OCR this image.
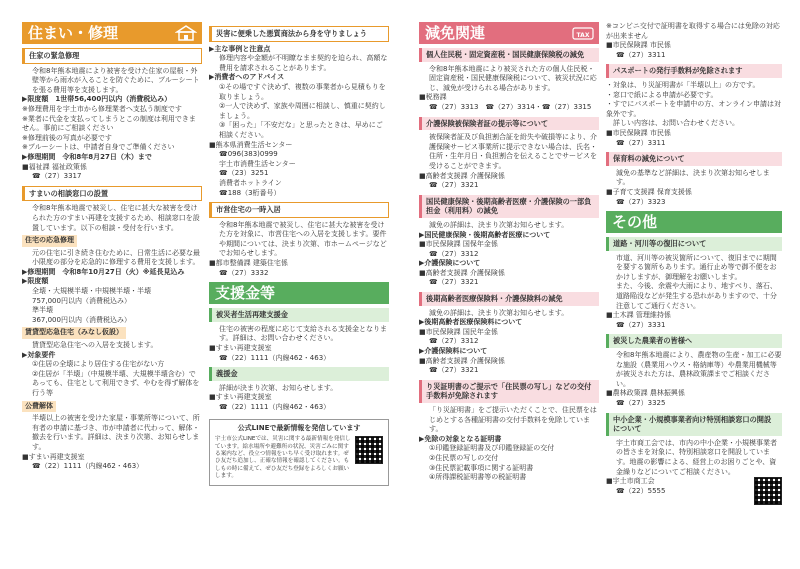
住まい・修理
住家の緊急修理

令和8年熊本地震により被害を受けた住家の屋根・外壁等から雨水が入ることを防ぐために、ブルーシートを張る費用等を支援します。

▶限度額　1世帯56,400円以内（消費税込み）

※修理費用を宇土市から修理業者へ支払う制度です

※業者に代金を支払ってしまうとこの制度は利用できません。事前にご相談ください

※修理前後の写真が必要です

※ブルーシートは、中請者自身でご準備ください

▶修理期間　令和8年8月27日（木）まで

■福祉課 福祉政策係

☎（27）3317

すまいの相談窓口の設置

令和8年熊本地震で被災し、住宅に甚大な被害を受けられた方のすまい再建を支援するため、相談窓口を設置しています。以下の相談・受付を行います。

住宅の応急修理

元の住宅に引き続き住むために、日常生活に必要な最小限度の部分を応急的に修理する費用を支援します。

▶修理期間　令和8年10月27日（火）※延長見込み

▶限度額

全壊・大規模半壊・中規模半壊・半壊

757,000円以内（消費税込み）

準半壊

367,000円以内（消費税込み）

賃貸型応急住宅（みなし仮設）

賃貸型応急住宅への入居を支援します。

▶対象要件

①住居の全壊により居住する住宅がない方

②住居が「半壊」（中規模半壊、大規模半壊含む）であっても、住宅として利用できず、やむを得ず解体を行う等

公費解体

半壊以上の被害を受けた家屋・事業所等について、所有者の申請に基づき、市が申請者に代わって、解体・撤去を行います。詳細は、決まり次第、お知らせします。

■すまい再建支援室

☎（22）1111（内線462・463）

災害に便乗した悪質商法から身を守りましょう

▶主な事例と注意点

修理内容や金額が不明瞭なまま契約を迫られ、高額な費用を請求されることがあります。

▶消費者へのアドバイス

①その場ですぐ決めず、複数の事業者から見積もりを取りましょう。

②一人で決めず、家族や周囲に相談し、慎重に契約しましょう。

③「困った」「不安だな」と思ったときは、早めにご相談ください。

■熊本県消費生活センター

☎096(383)0999

宇土市消費生活センター

☎（23）3251

消費者ホットライン

☎188（3桁番号）

市営住宅の一時入居

令和8年熊本地震で被災し、住宅に甚大な被害を受けた方を対象に、市営住宅への入居を支援します。要件や期間については、決まり次第、市ホームページなどでお知らせします。

■都市整備課 建築住宅係

☎（27）3332

支援金等
被災者生活再建支援金

住宅の被害の程度に応じて支給される支援金となります。詳細は、お問い合わせください。

■すまい再建支援室

☎（22）1111（内線462・463）

義援金

詳細が決まり次第、お知らせします。

■すまい再建支援室

☎（22）1111（内線462・463）

公式LINEで最新情報を発信しています

宇土市公式LINEでは、災害に関する最新情報を発信しています。給水場所や避難所の状況、災害ごみに関する案内など、役立つ情報をいち早く受け取れます。ぜひ友だち追加し、正確な情報を確認してください。もしもの時に備えて、ぜひ友だち登録をよろしくお願いします。

減免関連	TAX
個人住民税・固定資産税・国民健康保険税の減免

令和8年熊本地震により被災された方の個人住民税・固定資産税・国民健康保険税について、被災状況に応じ、減免が受けられる場合があります。

■税務課

☎（27）3313　☎（27）3314・☎（27）3315

介護保険被保険者証の提示等について

被保険者証及び負担割合証を紛失や破損等により、介護保険サービス事業所に提示できない場合は、氏名・住所・生年月日・負担割合を伝えることでサービスを受けることができます。

■高齢者支援課 介護保険係

☎（27）3321

国民健康保険・後期高齢者医療・介護保険の一部負担金（利用料）の減免

減免の詳細は、決まり次第お知らせします。

▶国民健康保険・後期高齢者医療について

■市民保険課 国保年金係

☎（27）3312

▶介護保険について

■高齢者支援課 介護保険係

☎（27）3321

後期高齢者医療保険料・介護保険料の減免

減免の詳細は、決まり次第お知らせします。

▶後期高齢者医療保険料について

■市民保険課 国民年金係

☎（27）3312

▶介護保険料について

■高齢者支援課 介護保険係

☎（27）3321

り災証明書のご提示で「住民票の写し」などの交付手数料が免除されます

「り災証明書」をご提示いただくことで、住民票をはじめとする各種証明書の交付手数料を免除しています。

▶免除の対象となる証明書

①印鑑登録証明書及び印鑑登録証の交付

②住民票の写しの交付

③住民票記載事項に関する証明書

④所得課税証明書等の税証明書

※コンビニ交付で証明書を取得する場合には免除の対応が出来ません

■市民保険課 市民係

☎（27）3311

パスポートの発行手数料が免除されます

・対象は、り災証明書が「半壊以上」の方です。

・窓口で紙による申請が必要です。

・すでにパスポートを申請中の方、オンライン申請は対象外です。

　詳しい内容は、お問い合わせください。

■市民保険課 市民係

☎（27）3311

保育料の減免について

減免の基準など詳細は、決まり次第お知らせします。

■子育て支援課 保育支援係

☎（27）3323

その他
道路・河川等の復旧について

市道、河川等の被災箇所について、復旧までに期間を要する箇所もあります。通行止め等で御不便をおかけしますが、御理解をお願いします。

また、今後、余震や大雨により、地すべり、落石、道路陥没などが発生する恐れがありますので、十分注意してご通行ください。

■土木課 管理維持係

☎（27）3331

被災した農業者の皆様へ

令和8年熊本地震により、農産物の生産・加工に必要な施設（農業用ハウス・格納庫等）や農業用機械等が被災された方は、農林政策課までご相談ください。

■農林政策課 農林振興係

☎（27）3325

中小企業・小規模事業者向け特別相談窓口の開設について

宇土市商工会では、市内の中小企業・小規模事業者の皆さまを対象に、特別相談窓口を開設しています。地震の影響による、経営上のお困りごとや、資金繰りなどについてご相談ください。

■宇土市商工会

☎（22）5555
